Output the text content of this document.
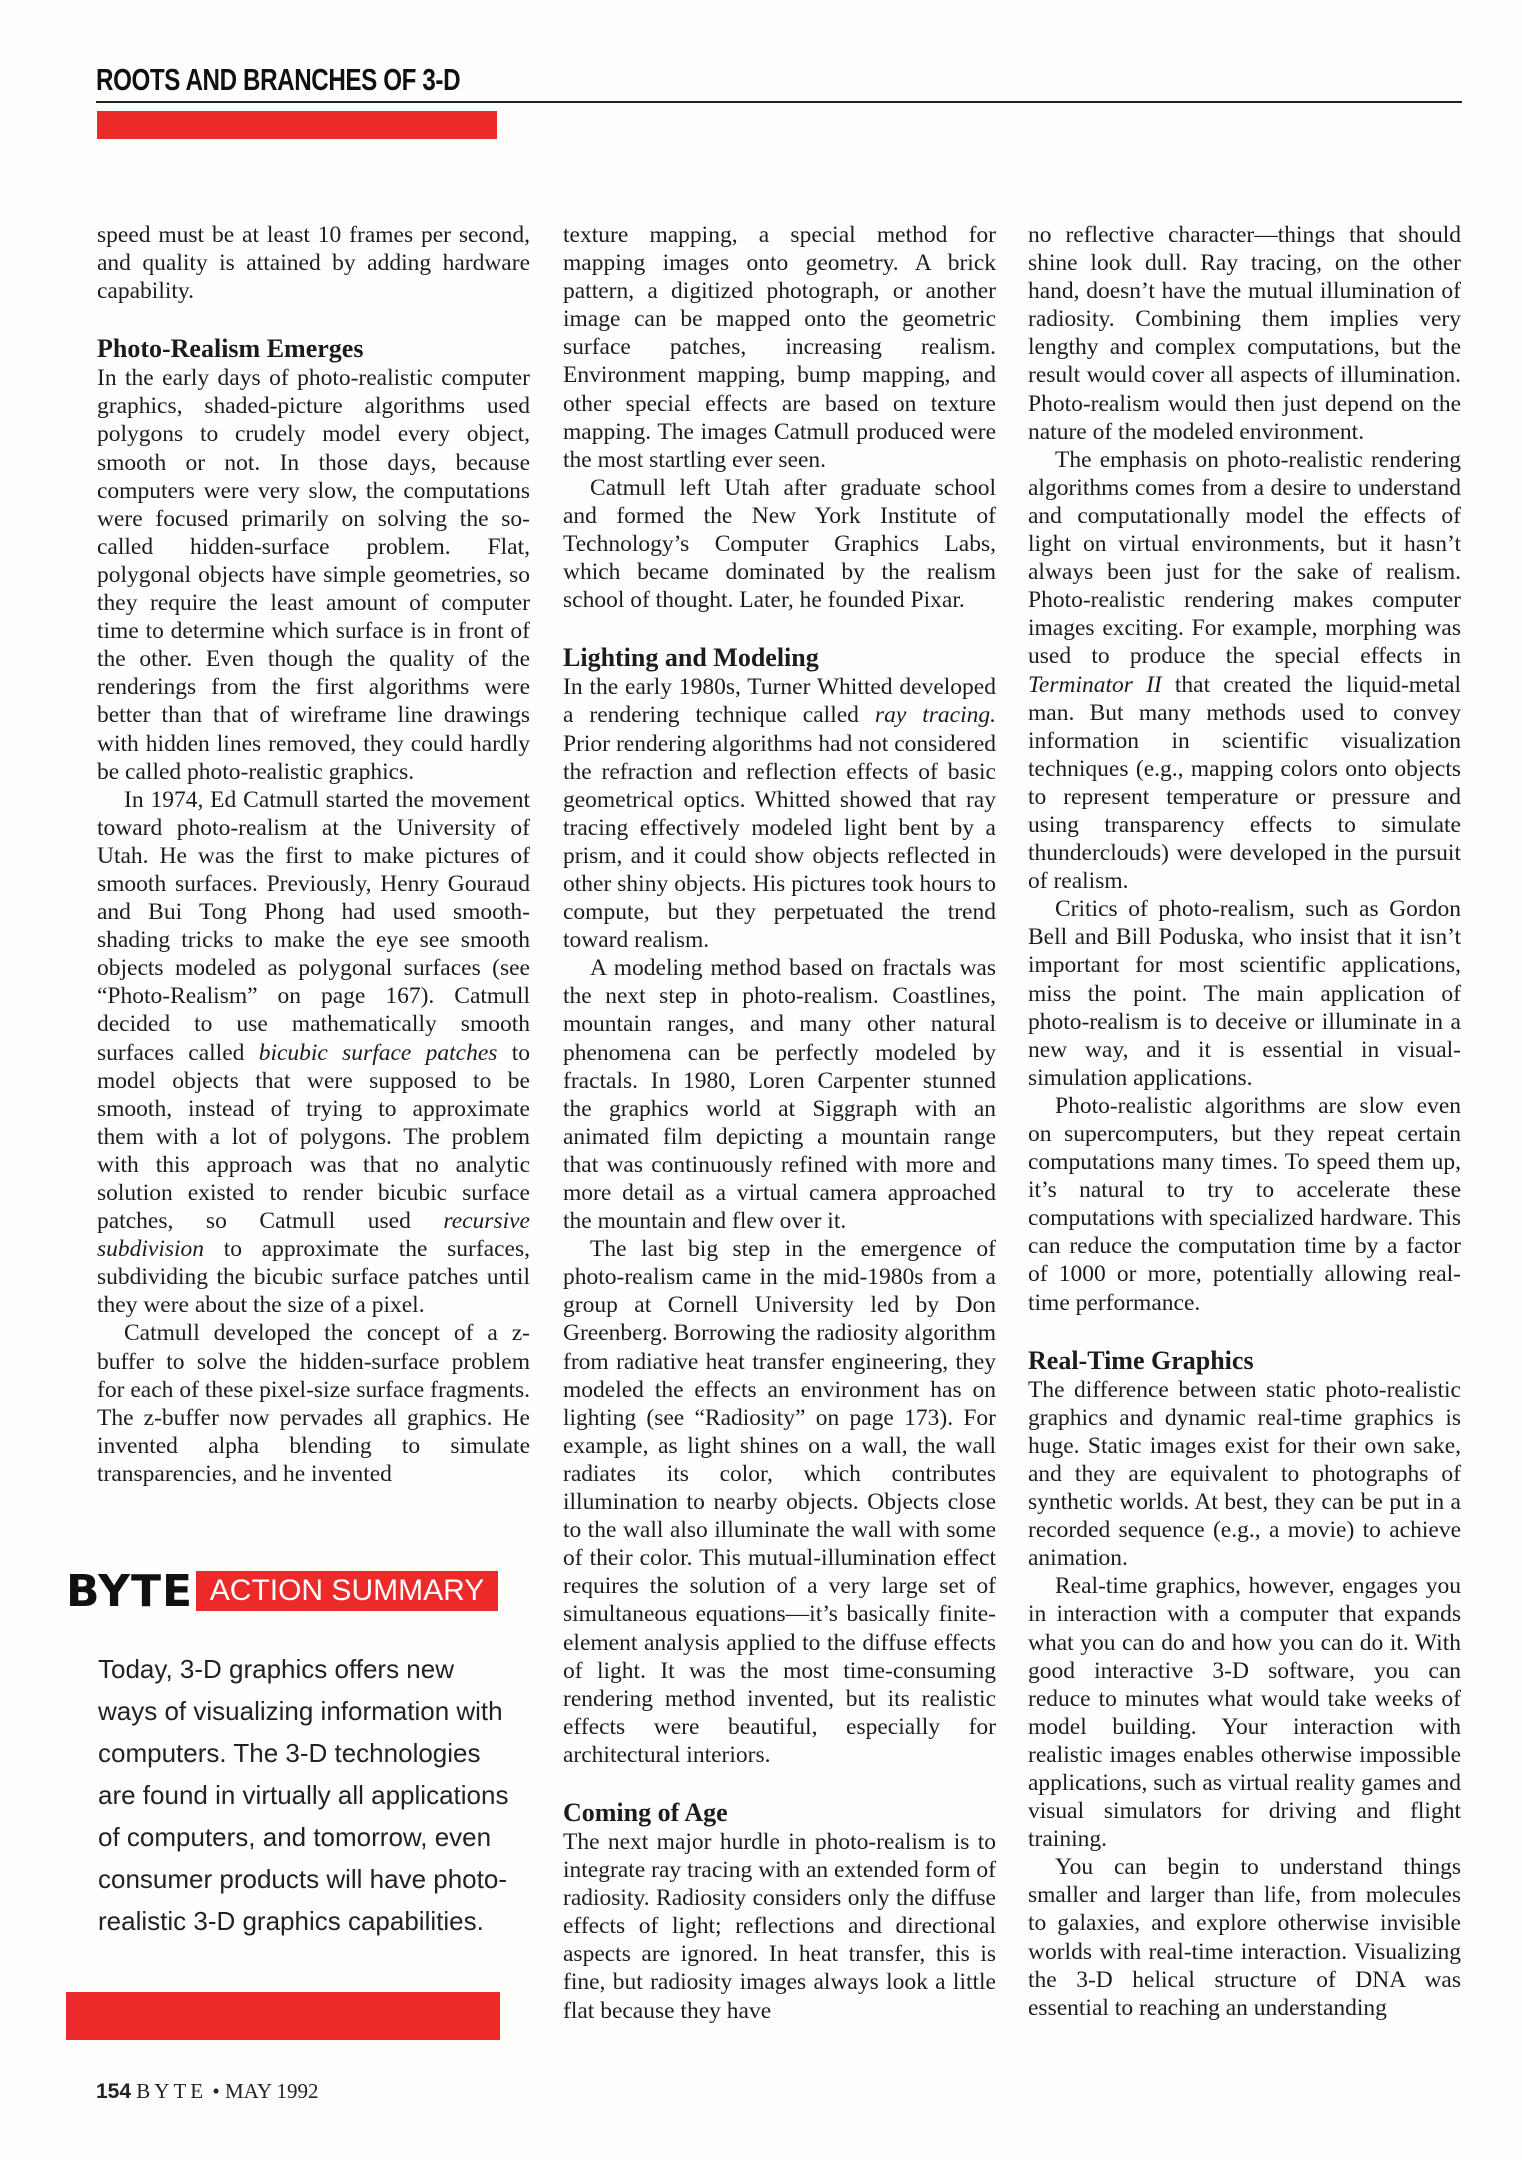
ROOTS AND BRANCHES OF 3-D

speed must be at least 10 frames per second, and quality is attained by adding hardware capability.

Photo-Realism Emerges

In the early days of photo-realistic computer graphics, shaded-picture algorithms used polygons to crudely model every object, smooth or not. In those days, because computers were very slow, the computations were focused primarily on solving the so-called hidden-surface problem. Flat, polygonal objects have simple geometries, so they require the least amount of computer time to determine which surface is in front of the other. Even though the quality of the renderings from the first algorithms were better than that of wireframe line drawings with hidden lines removed, they could hardly be called photo-realistic graphics.

In 1974, Ed Catmull started the movement toward photo-realism at the University of Utah. He was the first to make pictures of smooth surfaces. Previously, Henry Gouraud and Bui Tong Phong had used smooth-shading tricks to make the eye see smooth objects modeled as polygonal surfaces (see “Photo-Realism” on page 167). Catmull decided to use mathematically smooth surfaces called bicubic surface patches to model objects that were supposed to be smooth, instead of trying to approximate them with a lot of polygons. The problem with this approach was that no analytic solution existed to render bicubic surface patches, so Catmull used recursive subdivision to approximate the surfaces, subdividing the bicubic surface patches until they were about the size of a pixel.

Catmull developed the concept of a z-buffer to solve the hidden-surface problem for each of these pixel-size surface fragments. The z-buffer now pervades all graphics. He invented alpha blending to simulate transparencies, and he invented

texture mapping, a special method for mapping images onto geometry. A brick pattern, a digitized photograph, or another image can be mapped onto the geometric surface patches, increasing realism. Environment mapping, bump mapping, and other special effects are based on texture mapping. The images Catmull produced were the most startling ever seen.

Catmull left Utah after graduate school and formed the New York Institute of Technology’s Computer Graphics Labs, which became dominated by the realism school of thought. Later, he founded Pixar.

Lighting and Modeling

In the early 1980s, Turner Whitted developed a rendering technique called ray tracing. Prior rendering algorithms had not considered the refraction and reflection effects of basic geometrical optics. Whitted showed that ray tracing effectively modeled light bent by a prism, and it could show objects reflected in other shiny objects. His pictures took hours to compute, but they perpetuated the trend toward realism.

A modeling method based on fractals was the next step in photo-realism. Coastlines, mountain ranges, and many other natural phenomena can be perfectly modeled by fractals. In 1980, Loren Carpenter stunned the graphics world at Siggraph with an animated film depicting a mountain range that was continuously refined with more and more detail as a virtual camera approached the mountain and flew over it.

The last big step in the emergence of photo-realism came in the mid-1980s from a group at Cornell University led by Don Greenberg. Borrowing the radiosity algorithm from radiative heat transfer engineering, they modeled the effects an environment has on lighting (see “Radiosity” on page 173). For example, as light shines on a wall, the wall radiates its color, which contributes illumination to nearby objects. Objects close to the wall also illuminate the wall with some of their color. This mutual-illumination effect requires the solution of a very large set of simultaneous equations—it’s basically finite-element analysis applied to the diffuse effects of light. It was the most time-consuming rendering method invented, but its realistic effects were beautiful, especially for architectural interiors.

Coming of Age

The next major hurdle in photo-realism is to integrate ray tracing with an extended form of radiosity. Radiosity considers only the diffuse effects of light; reflections and directional aspects are ignored. In heat transfer, this is fine, but radiosity images always look a little flat because they have

no reflective character—things that should shine look dull. Ray tracing, on the other hand, doesn’t have the mutual illumination of radiosity. Combining them implies very lengthy and complex computations, but the result would cover all aspects of illumination. Photo-realism would then just depend on the nature of the modeled environment.

The emphasis on photo-realistic rendering algorithms comes from a desire to understand and computationally model the effects of light on virtual environments, but it hasn’t always been just for the sake of realism. Photo-realistic rendering makes computer images exciting. For example, morphing was used to produce the special effects in Terminator II that created the liquid-metal man. But many methods used to convey information in scientific visualization techniques (e.g., mapping colors onto objects to represent temperature or pressure and using transparency effects to simulate thunderclouds) were developed in the pursuit of realism.

Critics of photo-realism, such as Gordon Bell and Bill Poduska, who insist that it isn’t important for most scientific applications, miss the point. The main application of photo-realism is to deceive or illuminate in a new way, and it is essential in visual-simulation applications.

Photo-realistic algorithms are slow even on supercomputers, but they repeat certain computations many times. To speed them up, it’s natural to try to accelerate these computations with specialized hardware. This can reduce the computation time by a factor of 1000 or more, potentially allowing real-time performance.

Real-Time Graphics

The difference between static photo-realistic graphics and dynamic real-time graphics is huge. Static images exist for their own sake, and they are equivalent to photographs of synthetic worlds. At best, they can be put in a recorded sequence (e.g., a movie) to achieve animation.

Real-time graphics, however, engages you in interaction with a computer that expands what you can do and how you can do it. With good interactive 3-D software, you can reduce to minutes what would take weeks of model building. Your interaction with realistic images enables otherwise impossible applications, such as virtual reality games and visual simulators for driving and flight training.

You can begin to understand things smaller and larger than life, from molecules to galaxies, and explore otherwise invisible worlds with real-time interaction. Visualizing the 3-D helical structure of DNA was essential to reaching an understanding

BYTE ACTION SUMMARY

Today, 3-D graphics offers new ways of visualizing information with computers. The 3-D technologies are found in virtually all applications of computers, and tomorrow, even consumer products will have photo-realistic 3-D graphics capabilities.

154 BYTE • MAY 1992
